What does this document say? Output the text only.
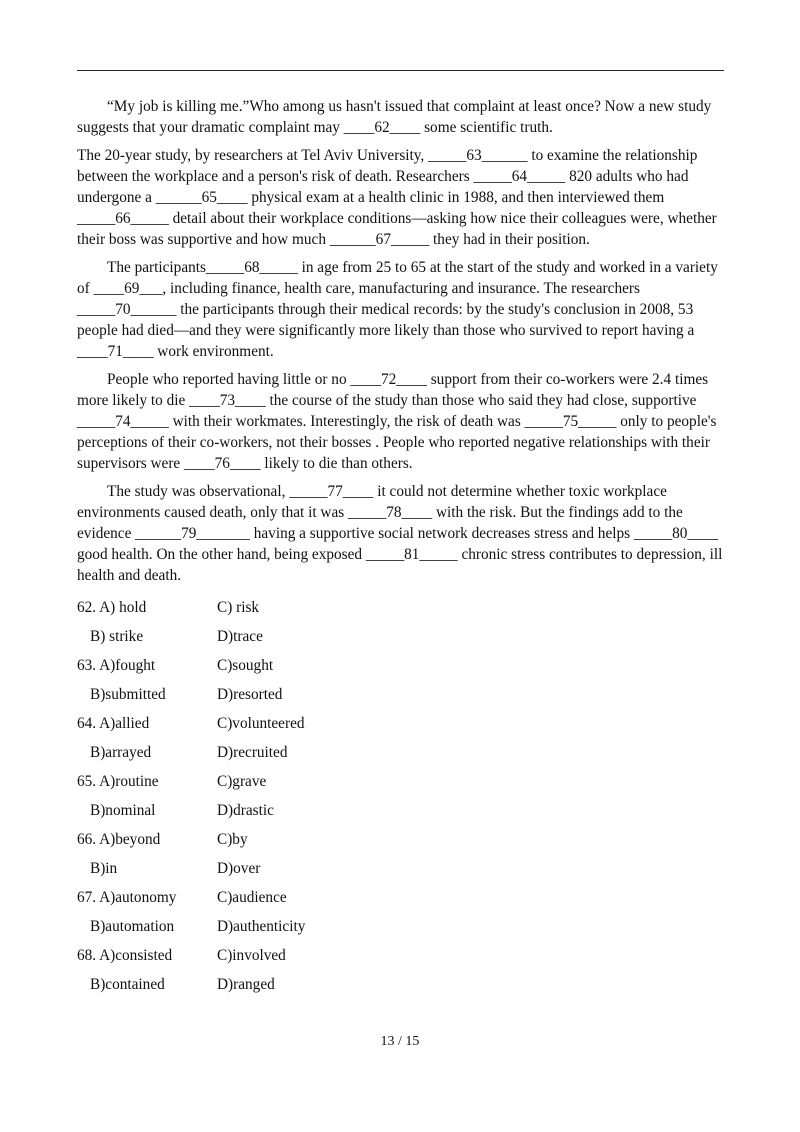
“My job is killing me.”Who among us hasn't issued that complaint at least once? Now a new study suggests that your dramatic complaint may ____62____ some scientific truth.

The 20-year study, by researchers at Tel Aviv University, _____63______ to examine the relationship between the workplace and a person's risk of death. Researchers _____64_____ 820 adults who had undergone a ______65____ physical exam at a health clinic in 1988, and then interviewed them _____66_____ detail about their workplace conditions—asking how nice their colleagues were, whether their boss was supportive and how much ______67_____ they had in their position.

The participants_____68_____ in age from 25 to 65 at the start of the study and worked in a variety of ____69___, including finance, health care, manufacturing and insurance. The researchers _____70______ the participants through their medical records: by the study's conclusion in 2008, 53 people had died—and they were significantly more likely than those who survived to report having a ____71____ work environment.

People who reported having little or no ____72____ support from their co-workers were 2.4 times more likely to die ____73____ the course of the study than those who said they had close, supportive _____74_____ with their workmates. Interestingly, the risk of death was _____75_____ only to people's perceptions of their co-workers, not their bosses . People who reported negative relationships with their supervisors were ____76____ likely to die than others.

The study was observational, _____77____ it could not determine whether toxic workplace environments caused death, only that it was _____78____ with the risk. But the findings add to the evidence ______79_______ having a supportive social network decreases stress and helps _____80____ good health. On the other hand, being exposed _____81_____ chronic stress contributes to depression, ill health and death.

62. A) hold	C) risk
B) strike	D)trace
63. A)fought	C)sought
B)submitted	D)resorted
64. A)allied	C)volunteered
B)arrayed	D)recruited
65. A)routine	C)grave
B)nominal	D)drastic
66. A)beyond	C)by
B)in	D)over
67. A)autonomy	C)audience
B)automation	D)authenticity
68. A)consisted	C)involved
B)contained	D)ranged
13 / 15
